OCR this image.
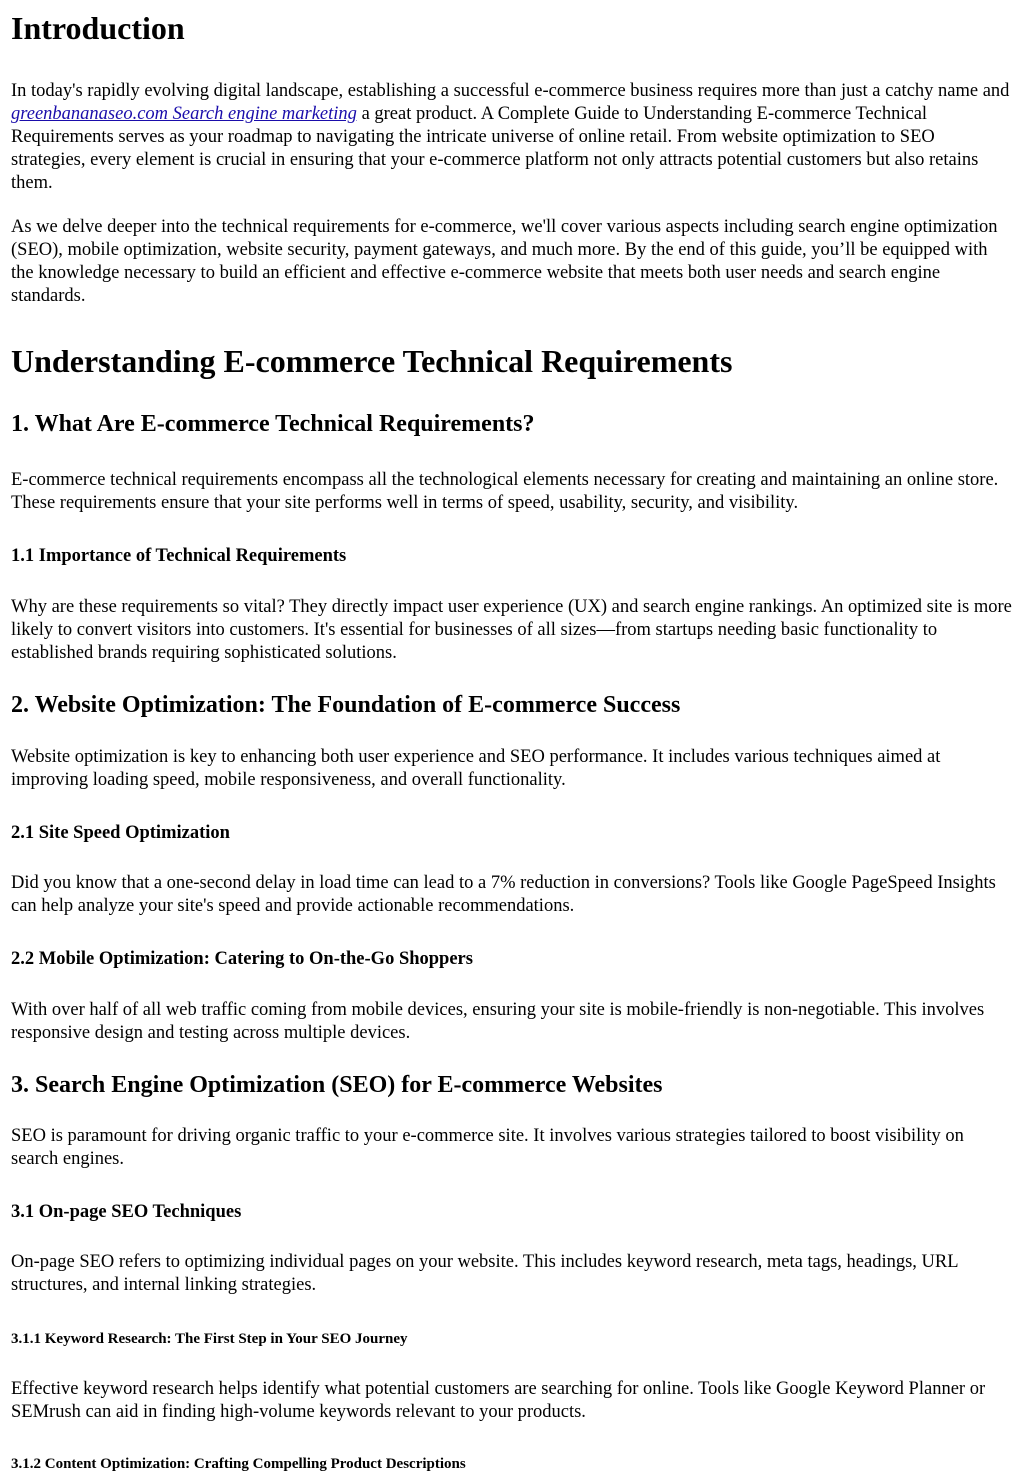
Introduction

In today's rapidly evolving digital landscape, establishing a successful e-commerce business requires more than just a catchy name and greenbananaseo.com Search engine marketing a great product. A Complete Guide to Understanding E-commerce Technical Requirements serves as your roadmap to navigating the intricate universe of online retail. From website optimization to SEO strategies, every element is crucial in ensuring that your e-commerce platform not only attracts potential customers but also retains them.

As we delve deeper into the technical requirements for e-commerce, we'll cover various aspects including search engine optimization (SEO), mobile optimization, website security, payment gateways, and much more. By the end of this guide, you’ll be equipped with the knowledge necessary to build an efficient and effective e-commerce website that meets both user needs and search engine standards.

Understanding E-commerce Technical Requirements
1. What Are E-commerce Technical Requirements?

E-commerce technical requirements encompass all the technological elements necessary for creating and maintaining an online store. These requirements ensure that your site performs well in terms of speed, usability, security, and visibility.

1.1 Importance of Technical Requirements

Why are these requirements so vital? They directly impact user experience (UX) and search engine rankings. An optimized site is more likely to convert visitors into customers. It's essential for businesses of all sizes—from startups needing basic functionality to established brands requiring sophisticated solutions.

2. Website Optimization: The Foundation of E-commerce Success

Website optimization is key to enhancing both user experience and SEO performance. It includes various techniques aimed at improving loading speed, mobile responsiveness, and overall functionality.

2.1 Site Speed Optimization

Did you know that a one-second delay in load time can lead to a 7% reduction in conversions? Tools like Google PageSpeed Insights can help analyze your site's speed and provide actionable recommendations.

2.2 Mobile Optimization: Catering to On-the-Go Shoppers

With over half of all web traffic coming from mobile devices, ensuring your site is mobile-friendly is non-negotiable. This involves responsive design and testing across multiple devices.

3. Search Engine Optimization (SEO) for E-commerce Websites

SEO is paramount for driving organic traffic to your e-commerce site. It involves various strategies tailored to boost visibility on search engines.

3.1 On-page SEO Techniques

On-page SEO refers to optimizing individual pages on your website. This includes keyword research, meta tags, headings, URL structures, and internal linking strategies.

3.1.1 Keyword Research: The First Step in Your SEO Journey

Effective keyword research helps identify what potential customers are searching for online. Tools like Google Keyword Planner or SEMrush can aid in finding high-volume keywords relevant to your products.

3.1.2 Content Optimization: Crafting Compelling Product Descriptions
